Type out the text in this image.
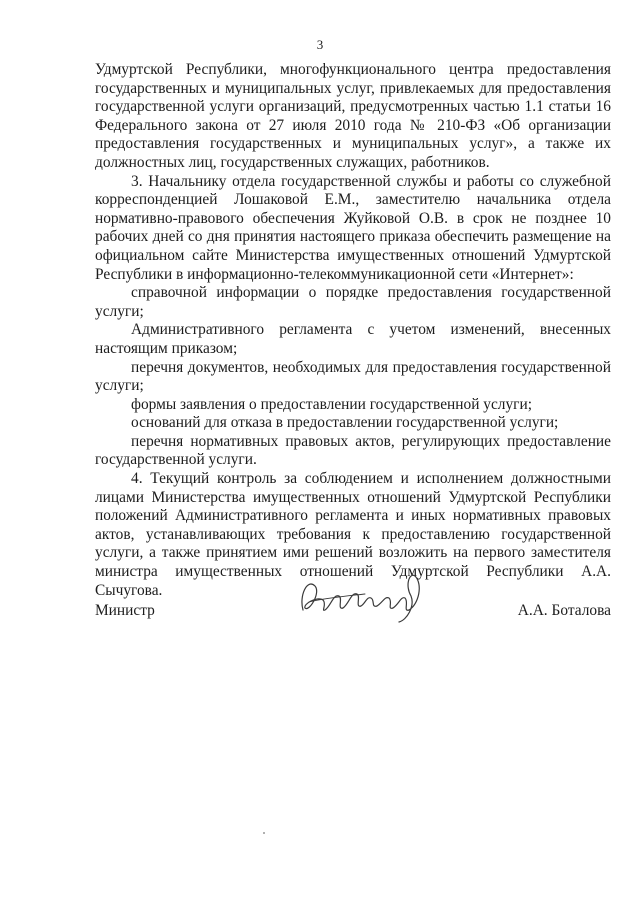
3

Удмуртской Республики, многофункционального центра предоставления государственных и муниципальных услуг, привлекаемых для предоставления государственной услуги организаций, предусмотренных частью 1.1 статьи 16 Федерального закона от 27 июля 2010 года № 210-ФЗ «Об организации предоставления государственных и муниципальных услуг», а также их должностных лиц, государственных служащих, работников.

3. Начальнику отдела государственной службы и работы со служебной корреспонденцией Лошаковой Е.М., заместителю начальника отдела нормативно-правового обеспечения Жуйковой О.В. в срок не позднее 10 рабочих дней со дня принятия настоящего приказа обеспечить размещение на официальном сайте Министерства имущественных отношений Удмуртской Республики в информационно-телекоммуникационной сети «Интернет»:

справочной информации о порядке предоставления государственной услуги;

Административного регламента с учетом изменений, внесенных настоящим приказом;

перечня документов, необходимых для предоставления государственной услуги;

формы заявления о предоставлении государственной услуги;

оснований для отказа в предоставлении государственной услуги;

перечня нормативных правовых актов, регулирующих предоставление государственной услуги.

4. Текущий контроль за соблюдением и исполнением должностными лицами Министерства имущественных отношений Удмуртской Республики положений Административного регламента и иных нормативных правовых актов, устанавливающих требования к предоставлению государственной услуги, а также принятием ими решений возложить на первого заместителя министра имущественных отношений Удмуртской Республики А.А. Сычугова.

Министр	А.А. Боталова
